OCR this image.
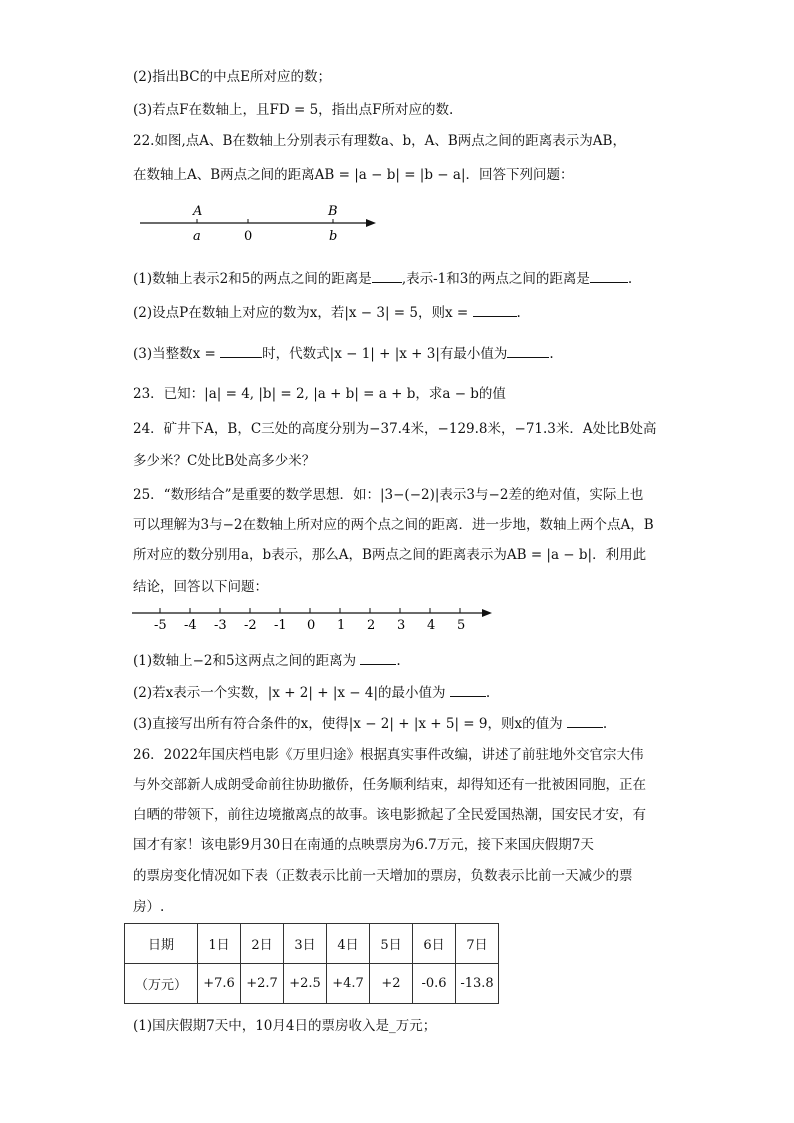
(2)指出BC的中点E所对应的数；
(3)若点F在数轴上，且FD = 5，指出点F所对应的数.
22.如图,点A、B在数轴上分别表示有理数a、b，A、B两点之间的距离表示为AB，
在数轴上A、B两点之间的距离AB = |a − b| = |b − a|．回答下列问题：
A	B
a	0	b
(1)数轴上表示2和5的两点之间的距离是 ,表示-1和3的两点之间的距离是	.
(2)设点P在数轴上对应的数为x，若|x − 3| = 5，则x =	.
(3)当整数x =	时，代数式|x − 1| + |x + 3|有最小值为	.
23．已知：|a| = 4, |b| = 2, |a + b| = a + b，求a − b的值
24．矿井下A，B，C三处的高度分别为−37.4米，−129.8米，−71.3米．A处比B处高
多少米？C处比B处高多少米？
25．“数形结合”是重要的数学思想．如：|3−(−2)|表示3与−2差的绝对值，实际上也
可以理解为3与−2在数轴上所对应的两个点之间的距离．进一步地，数轴上两个点A，B
所对应的数分别用a，b表示，那么A，B两点之间的距离表示为AB = |a − b|．利用此
结论，回答以下问题：
-5 -4 -3 -2 -1 0 1 2 3 4 5
(1)数轴上−2和5这两点之间的距离为	.
(2)若x表示一个实数，|x + 2| + |x − 4|的最小值为	.
(3)直接写出所有符合条件的x，使得|x − 2| + |x + 5| = 9，则x的值为	.
26．2022年国庆档电影《万里归途》根据真实事件改编，讲述了前驻地外交官宗大伟
与外交部新人成朗受命前往协助撤侨，任务顺利结束，却得知还有一批被困同胞，正在
白晒的带领下，前往边境撤离点的故事。该电影掀起了全民爱国热潮，国安民才安，有
国才有家！该电影9月30日在南通的点映票房为6.7万元，接下来国庆假期7天
的票房变化情况如下表（正数表示比前一天增加的票房，负数表示比前一天减少的票
房）.
日期	1日	2日	3日	4日	5日	6日	7日
（万元）	+7.6	+2.7	+2.5	+4.7	+2	-0.6	-13.8
(1)国庆假期7天中，10月4日的票房收入是_万元；
